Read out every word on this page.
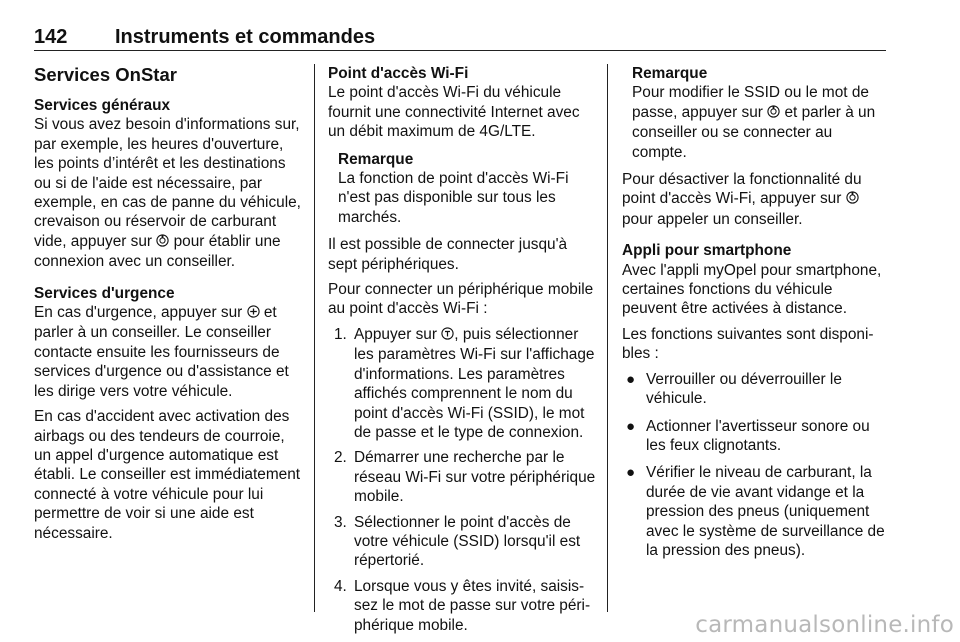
142 Instruments et commandes
Services OnStar

Services généraux

Si vous avez besoin d'informations sur, par exemple, les heures d'ouverture, les points d’intérêt et les destinations ou si de l'aide est nécessaire, par exemple, en cas de panne du véhicule, crevaison ou réservoir de carburant vide, appuyer sur pour établir une connexion avec un conseiller.

Services d'urgence

En cas d'urgence, appuyer sur et parler à un conseiller. Le conseiller contacte ensuite les fournisseurs de services d'urgence ou d'assistance et les dirige vers votre véhicule.

En cas d'accident avec activation des airbags ou des tendeurs de courroie, un appel d'urgence automatique est établi. Le conseiller est immédiatement connecté à votre véhicule pour lui permettre de voir si une aide est nécessaire.

Point d'accès Wi-Fi

Le point d'accès Wi-Fi du véhicule fournit une connectivité Internet avec un débit maximum de 4G/LTE.

Remarque
La fonction de point d'accès Wi-Fi n'est pas disponible sur tous les marchés.

Il est possible de connecter jusqu'à sept périphériques.

Pour connecter un périphérique mobile au point d'accès Wi-Fi :

1. Appuyer sur , puis sélectionner les paramètres Wi-Fi sur l'affichage d'informations. Les paramètres affichés comprennent le nom du point d'accès Wi-Fi (SSID), le mot de passe et le type de connexion.
2. Démarrer une recherche par le réseau Wi-Fi sur votre périphérique mobile.
3. Sélectionner le point d'accès de votre véhicule (SSID) lorsqu'il est répertorié.
4. Lorsque vous y êtes invité, saisissez le mot de passe sur votre périphérique mobile.
Remarque
Pour modifier le SSID ou le mot de passe, appuyer sur et parler à un conseiller ou se connecter au compte.

Pour désactiver la fonctionnalité du point d'accès Wi-Fi, appuyer sur  pour appeler un conseiller.

Appli pour smartphone

Avec l'appli myOpel pour smartphone, certaines fonctions du véhicule peuvent être activées à distance.

Les fonctions suivantes sont disponibles :

● Verrouiller ou déverrouiller le véhicule.
● Actionner l'avertisseur sonore ou les feux clignotants.
● Vérifier le niveau de carburant, la durée de vie avant vidange et la pression des pneus (uniquement avec le système de surveillance de la pression des pneus).
carmanualsonline.info
